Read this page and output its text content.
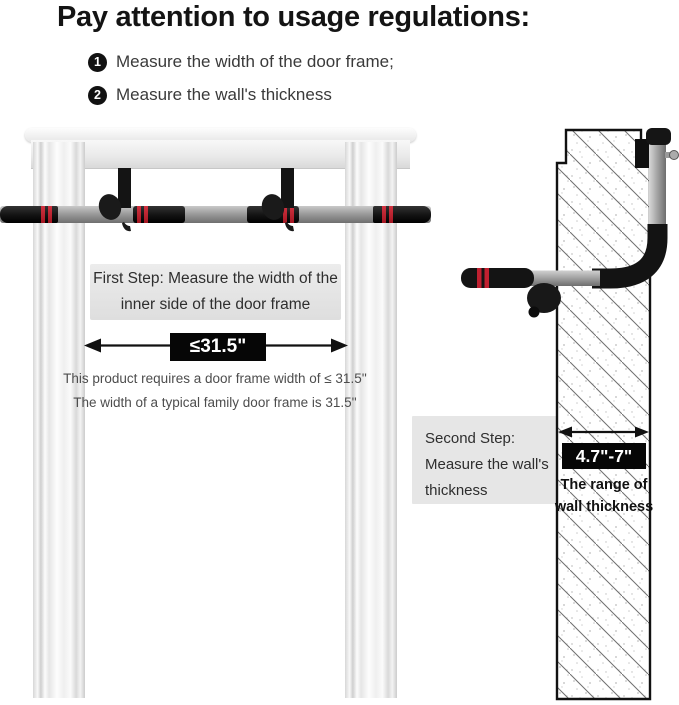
Pay attention to usage regulations:
1 Measure the width of the door frame;
2 Measure the wall's thickness
First Step: Measure the width of the
inner side of the door frame
≤31.5"
This product requires a door frame width of ≤ 31.5''
The width of a typical family door frame is 31.5''
Second Step:
Measure the wall's
thickness
4.7"-7"
The range of
wall thickness
